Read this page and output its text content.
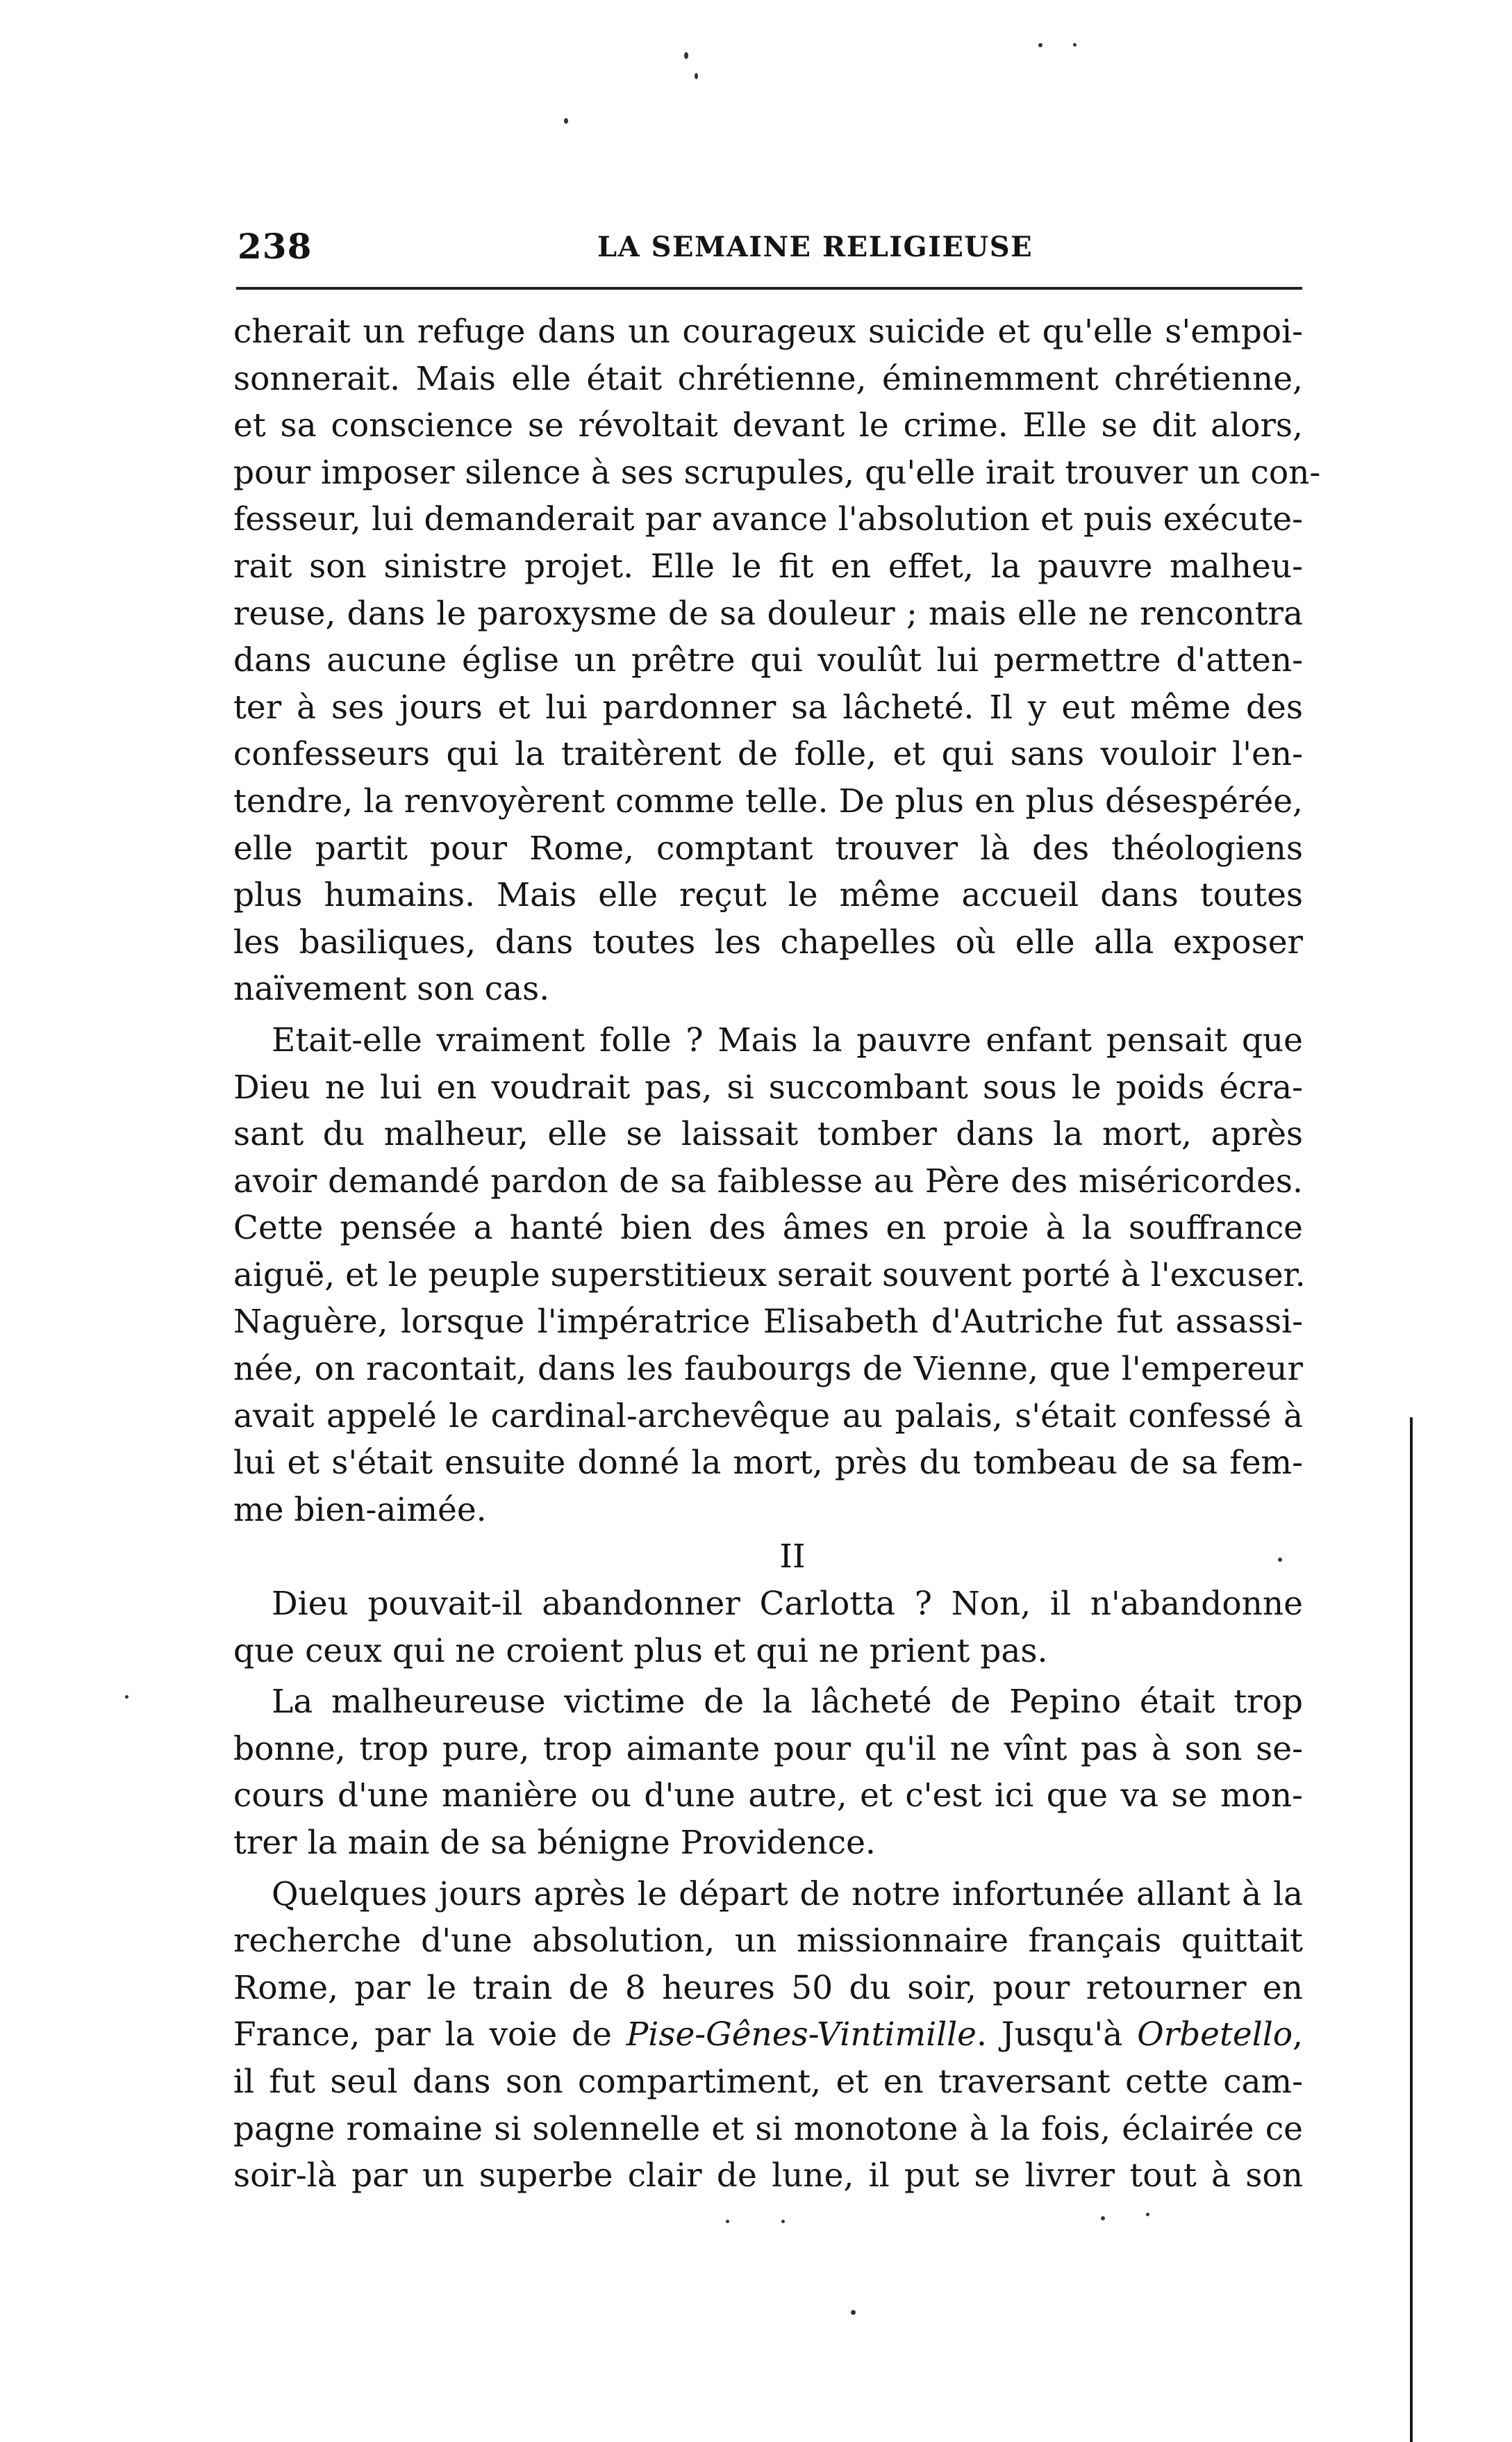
238	LA SEMAINE RELIGIEUSE
cherait un refuge dans un courageux suicide et qu'elle s'empoi-
sonnerait. Mais elle était chrétienne, éminemment chrétienne,
et sa conscience se révoltait devant le crime. Elle se dit alors,
pour imposer silence à ses scrupules, qu'elle irait trouver un con-
fesseur, lui demanderait par avance l'absolution et puis exécute-
rait son sinistre projet. Elle le fit en effet, la pauvre malheu-
reuse, dans le paroxysme de sa douleur ; mais elle ne rencontra
dans aucune église un prêtre qui voulût lui permettre d'atten-
ter à ses jours et lui pardonner sa lâcheté. Il y eut même des
confesseurs qui la traitèrent de folle, et qui sans vouloir l'en-
tendre, la renvoyèrent comme telle. De plus en plus désespérée,
elle partit pour Rome, comptant trouver là des théologiens
plus humains. Mais elle reçut le même accueil dans toutes
les basiliques, dans toutes les chapelles où elle alla exposer
naïvement son cas.
Etait-elle vraiment folle ? Mais la pauvre enfant pensait que
Dieu ne lui en voudrait pas, si succombant sous le poids écra-
sant du malheur, elle se laissait tomber dans la mort, après
avoir demandé pardon de sa faiblesse au Père des miséricordes.
Cette pensée a hanté bien des âmes en proie à la souffrance
aiguë, et le peuple superstitieux serait souvent porté à l'excuser.
Naguère, lorsque l'impératrice Elisabeth d'Autriche fut assassi-
née, on racontait, dans les faubourgs de Vienne, que l'empereur
avait appelé le cardinal-archevêque au palais, s'était confessé à
lui et s'était ensuite donné la mort, près du tombeau de sa fem-
me bien-aimée.
II
Dieu pouvait-il abandonner Carlotta ? Non, il n'abandonne
que ceux qui ne croient plus et qui ne prient pas.
La malheureuse victime de la lâcheté de Pepino était trop
bonne, trop pure, trop aimante pour qu'il ne vînt pas à son se-
cours d'une manière ou d'une autre, et c'est ici que va se mon-
trer la main de sa bénigne Providence.
Quelques jours après le départ de notre infortunée allant à la
recherche d'une absolution, un missionnaire français quittait
Rome, par le train de 8 heures 50 du soir, pour retourner en
France, par la voie de Pise-Gênes-Vintimille. Jusqu'à Orbetello,
il fut seul dans son compartiment, et en traversant cette cam-
pagne romaine si solennelle et si monotone à la fois, éclairée ce
soir-là par un superbe clair de lune, il put se livrer tout à son
